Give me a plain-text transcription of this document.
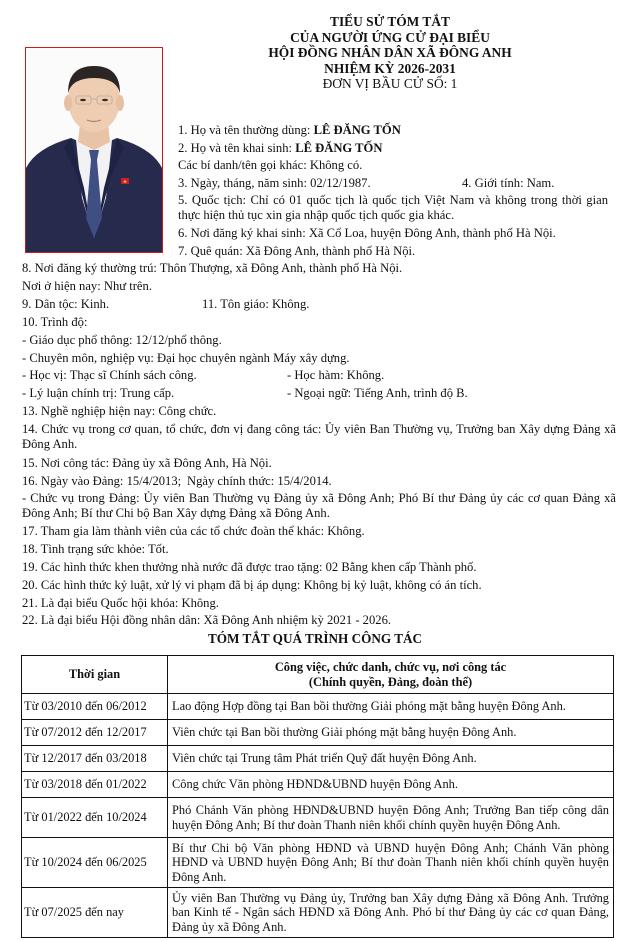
TIỂU SỬ TÓM TẮT
CỦA NGƯỜI ỨNG CỬ ĐẠI BIỂU
HỘI ĐỒNG NHÂN DÂN XÃ ĐÔNG ANH
NHIỆM KỲ 2026-2031
ĐƠN VỊ BẦU CỬ SỐ: 1
1. Họ và tên thường dùng: LÊ ĐĂNG TỐN
2. Họ và tên khai sinh: LÊ ĐĂNG TỐN
Các bí danh/tên gọi khác: Không có.
3. Ngày, tháng, năm sinh: 02/12/1987.	4. Giới tính: Nam.
5. Quốc tịch: Chỉ có 01 quốc tịch là quốc tịch Việt Nam và không trong thời gian thực hiện thủ tục xin gia nhập quốc tịch quốc gia khác.
6. Nơi đăng ký khai sinh: Xã Cổ Loa, huyện Đông Anh, thành phố Hà Nội.
7. Quê quán: Xã Đông Anh, thành phố Hà Nội.
8. Nơi đăng ký thường trú: Thôn Thượng, xã Đông Anh, thành phố Hà Nội.
Nơi ở hiện nay: Như trên.
9. Dân tộc: Kinh.	11. Tôn giáo: Không.
10. Trình độ:
- Giáo dục phổ thông: 12/12/phổ thông.
- Chuyên môn, nghiệp vụ: Đại học chuyên ngành Máy xây dựng.
- Học vị: Thạc sĩ Chính sách công.	- Học hàm: Không.
- Lý luận chính trị: Trung cấp.	- Ngoại ngữ: Tiếng Anh, trình độ B.
13. Nghề nghiệp hiện nay: Công chức.
14. Chức vụ trong cơ quan, tổ chức, đơn vị đang công tác: Ủy viên Ban Thường vụ, Trưởng ban Xây dựng Đảng xã Đông Anh.
15. Nơi công tác: Đảng ủy xã Đông Anh, Hà Nội.
16. Ngày vào Đảng: 15/4/2013; Ngày chính thức: 15/4/2014.
- Chức vụ trong Đảng: Ủy viên Ban Thường vụ Đảng ủy xã Đông Anh; Phó Bí thư Đảng ủy các cơ quan Đảng xã Đông Anh; Bí thư Chi bộ Ban Xây dựng Đảng xã Đông Anh.
17. Tham gia làm thành viên của các tổ chức đoàn thể khác: Không.
18. Tình trạng sức khỏe: Tốt.
19. Các hình thức khen thưởng nhà nước đã được trao tặng: 02 Bằng khen cấp Thành phố.
20. Các hình thức kỷ luật, xử lý vi phạm đã bị áp dụng: Không bị kỷ luật, không có án tích.
21. Là đại biểu Quốc hội khóa: Không.
22. Là đại biểu Hội đồng nhân dân: Xã Đông Anh nhiệm kỳ 2021 - 2026.
TÓM TẮT QUÁ TRÌNH CÔNG TÁC
Thời gian	Công việc, chức danh, chức vụ, nơi công tác
(Chính quyền, Đảng, đoàn thể)

Từ 03/2010 đến 06/2012	Lao động Hợp đồng tại Ban bồi thường Giải phóng mặt bằng huyện Đông Anh.
Từ 07/2012 đến 12/2017	Viên chức tại Ban bồi thường Giải phóng mặt bằng huyện Đông Anh.
Từ 12/2017 đến 03/2018	Viên chức tại Trung tâm Phát triển Quỹ đất huyện Đông Anh.
Từ 03/2018 đến 01/2022	Công chức Văn phòng HĐND&UBND huyện Đông Anh.
Từ 01/2022 đến 10/2024	Phó Chánh Văn phòng HĐND&UBND huyện Đông Anh; Trưởng Ban tiếp công dân huyện Đông Anh; Bí thư đoàn Thanh niên khối chính quyền huyện Đông Anh.
Từ 10/2024 đến 06/2025	Bí thư Chi bộ Văn phòng HĐND và UBND huyện Đông Anh; Chánh Văn phòng HĐND và UBND huyện Đông Anh; Bí thư đoàn Thanh niên khối chính quyền huyện Đông Anh.
Từ 07/2025 đến nay	Ủy viên Ban Thường vụ Đảng ủy, Trưởng ban Xây dựng Đảng xã Đông Anh. Trưởng ban Kinh tế - Ngân sách HĐND xã Đông Anh. Phó bí thư Đảng ủy các cơ quan Đảng, Đảng ủy xã Đông Anh.
